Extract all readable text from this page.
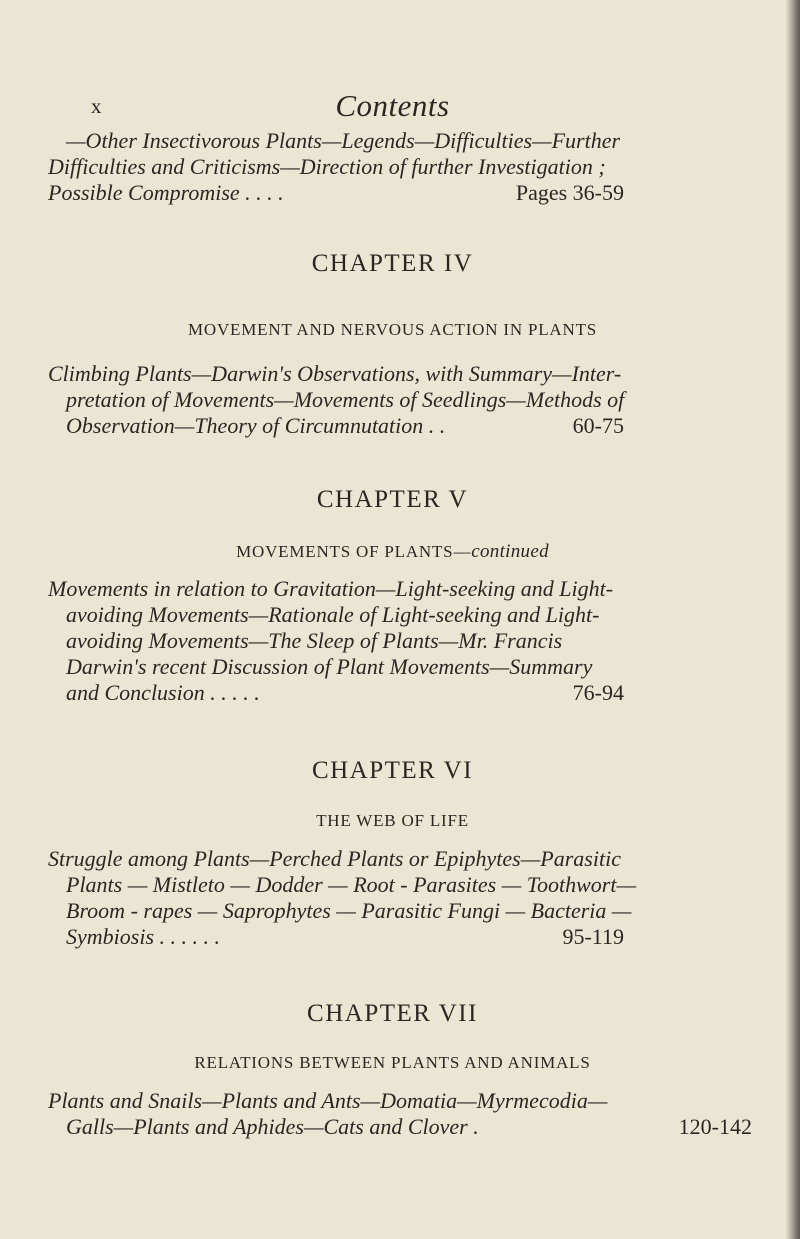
x	Contents
—Other Insectivorous Plants—Legends—Difficulties—Further
Difficulties and Criticisms—Direction of further Investigation ;
Possible Compromise . . . .	Pages 36-59
CHAPTER IV
MOVEMENT AND NERVOUS ACTION IN PLANTS
Climbing Plants—Darwin's Observations, with Summary—Inter-
pretation of Movements—Movements of Seedlings—Methods of
Observation—Theory of Circumnutation . .	60-75
CHAPTER V
MOVEMENTS OF PLANTS—continued
Movements in relation to Gravitation—Light-seeking and Light-
avoiding Movements—Rationale of Light-seeking and Light-
avoiding Movements—The Sleep of Plants—Mr. Francis
Darwin's recent Discussion of Plant Movements—Summary
and Conclusion . . . . .	76-94
CHAPTER VI
THE WEB OF LIFE
Struggle among Plants—Perched Plants or Epiphytes—Parasitic
Plants — Mistleto — Dodder — Root - Parasites — Toothwort—
Broom - rapes — Saprophytes — Parasitic Fungi — Bacteria —
Symbiosis . . . . . .	95-119
CHAPTER VII
RELATIONS BETWEEN PLANTS AND ANIMALS
Plants and Snails—Plants and Ants—Domatia—Myrmecodia—
Galls—Plants and Aphides—Cats and Clover .	120-142
